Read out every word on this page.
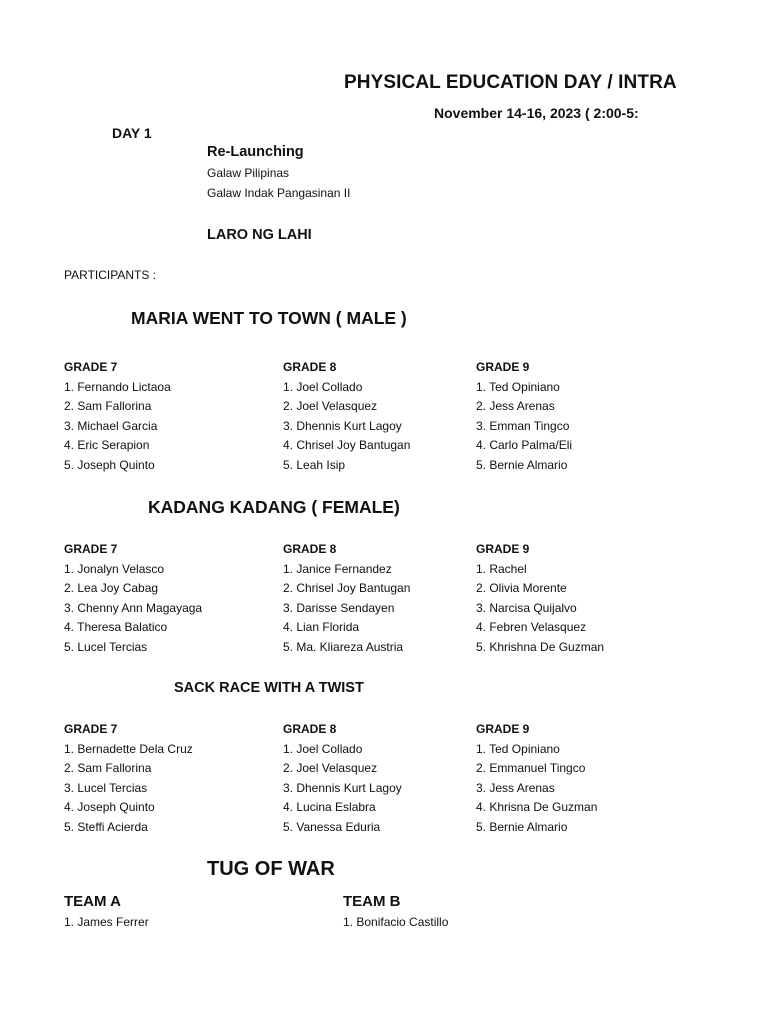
PHYSICAL EDUCATION DAY / INTRA
November 14-16, 2023 ( 2:00-5:
DAY 1
Re-Launching
Galaw Pilipinas
Galaw Indak Pangasinan II
LARO NG LAHI
PARTICIPANTS :
MARIA WENT TO TOWN ( MALE )
GRADE 7
1. Fernando Lictaoa
2. Sam Fallorina
3. Michael Garcia
4. Eric Serapion
5. Joseph Quinto
GRADE 8
1. Joel Collado
2. Joel Velasquez
3. Dhennis Kurt Lagoy
4. Chrisel Joy Bantugan
5. Leah Isip
GRADE 9
1. Ted Opiniano
2. Jess Arenas
3. Emman Tingco
4. Carlo Palma/Eli
5. Bernie Almario
KADANG KADANG ( FEMALE)
GRADE 7
1. Jonalyn Velasco
2. Lea Joy Cabag
3. Chenny Ann Magayaga
4. Theresa Balatico
5. Lucel Tercias
GRADE 8
1. Janice Fernandez
2. Chrisel Joy Bantugan
3. Darisse Sendayen
4. Lian Florida
5. Ma. Kliareza Austria
GRADE 9
1. Rachel
2. Olivia Morente
3. Narcisa Quijalvo
4. Febren Velasquez
5. Khrishna De Guzman
SACK RACE WITH A TWIST
GRADE 7
1. Bernadette Dela Cruz
2. Sam Fallorina
3. Lucel Tercias
4. Joseph Quinto
5. Steffi Acierda
GRADE 8
1. Joel Collado
2. Joel Velasquez
3. Dhennis Kurt Lagoy
4. Lucina Eslabra
5. Vanessa Eduria
GRADE 9
1. Ted Opiniano
2. Emmanuel Tingco
3. Jess Arenas
4. Khrisna De Guzman
5. Bernie Almario
TUG OF WAR
TEAM A
1. James Ferrer
TEAM B
1. Bonifacio Castillo
